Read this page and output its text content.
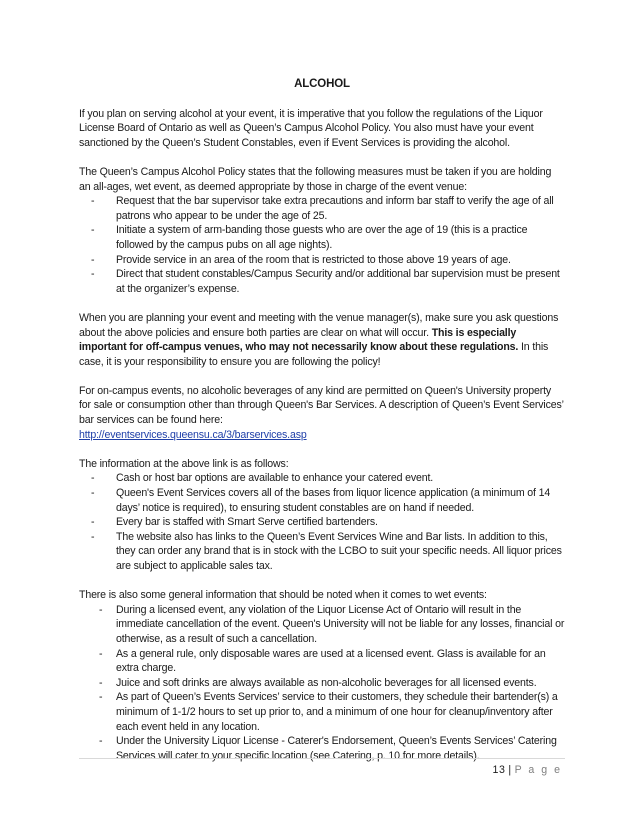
ALCOHOL

If you plan on serving alcohol at your event, it is imperative that you follow the regulations of the Liquor License Board of Ontario as well as Queen’s Campus Alcohol Policy. You also must have your event sanctioned by the Queen’s Student Constables, even if Event Services is providing the alcohol.

The Queen’s Campus Alcohol Policy states that the following measures must be taken if you are holding an all-ages, wet event, as deemed appropriate by those in charge of the event venue:

- Request that the bar supervisor take extra precautions and inform bar staff to verify the age of all patrons who appear to be under the age of 25.
- Initiate a system of arm-banding those guests who are over the age of 19 (this is a practice followed by the campus pubs on all age nights).
- Provide service in an area of the room that is restricted to those above 19 years of age.
- Direct that student constables/Campus Security and/or additional bar supervision must be present at the organizer’s expense.

When you are planning your event and meeting with the venue manager(s), make sure you ask questions about the above policies and ensure both parties are clear on what will occur. This is especially important for off-campus venues, who may not necessarily know about these regulations. In this case, it is your responsibility to ensure you are following the policy!

For on-campus events, no alcoholic beverages of any kind are permitted on Queen's University property for sale or consumption other than through Queen's Bar Services. A description of Queen’s Event Services’ bar services can be found here:
http://eventservices.queensu.ca/3/barservices.asp

The information at the above link is as follows:

- Cash or host bar options are available to enhance your catered event.
- Queen's Event Services covers all of the bases from liquor licence application (a minimum of 14 days’ notice is required), to ensuring student constables are on hand if needed.
- Every bar is staffed with Smart Serve certified bartenders.
- The website also has links to the Queen’s Event Services Wine and Bar lists. In addition to this, they can order any brand that is in stock with the LCBO to suit your specific needs. All liquor prices are subject to applicable sales tax.

There is also some general information that should be noted when it comes to wet events:

- During a licensed event, any violation of the Liquor License Act of Ontario will result in the immediate cancellation of the event. Queen's University will not be liable for any losses, financial or otherwise, as a result of such a cancellation.
- As a general rule, only disposable wares are used at a licensed event. Glass is available for an extra charge.
- Juice and soft drinks are always available as non-alcoholic beverages for all licensed events.
- As part of Queen’s Events Services’ service to their customers, they schedule their bartender(s) a minimum of 1-1/2 hours to set up prior to, and a minimum of one hour for cleanup/inventory after each event held in any location.
- Under the University Liquor License - Caterer's Endorsement, Queen’s Events Services’ Catering Services will cater to your specific location (see Catering, p. 10 for more details).
13 | P a g e
